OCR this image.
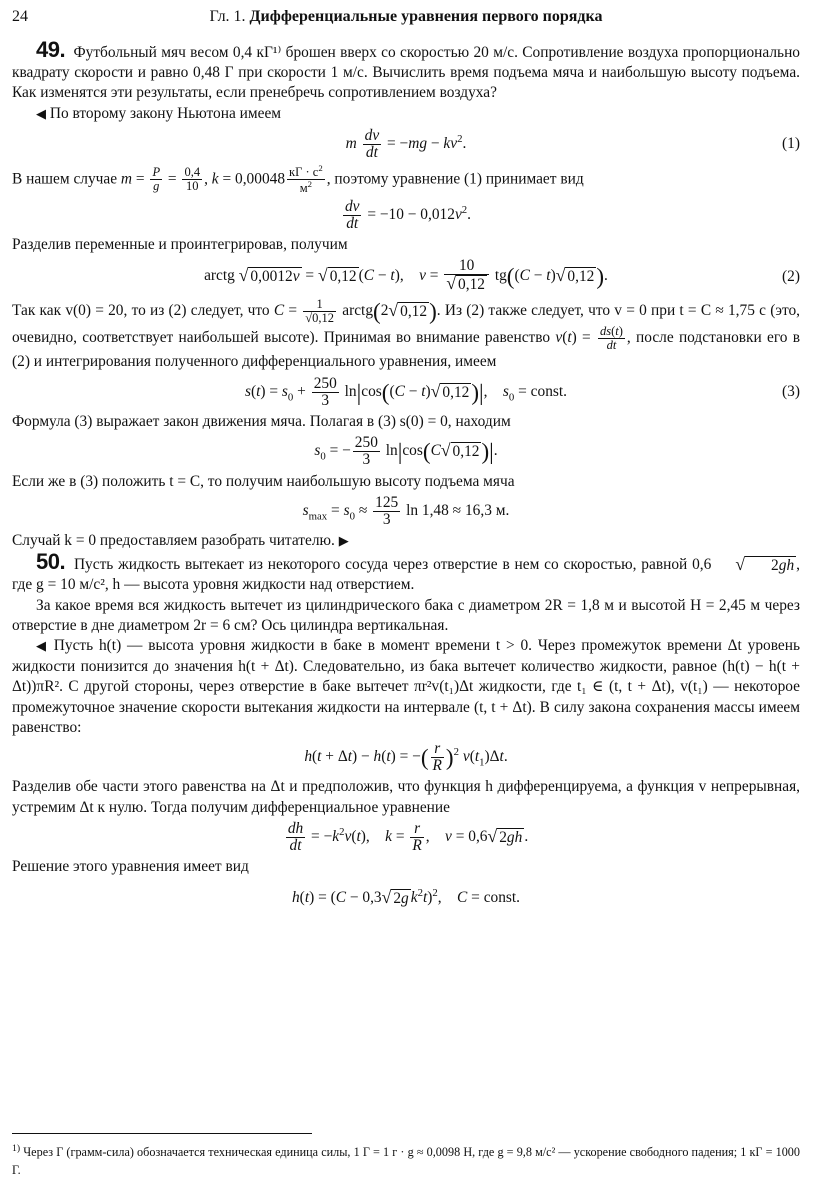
24	Гл. 1. Дифференциальные уравнения первого порядка

49. Футбольный мяч весом 0,4 кГ¹⁾ брошен вверх со скоростью 20 м/с. Сопротивление воздуха пропорционально квадрату скорости и равно 0,48 Г при скорости 1 м/с. Вычислить время подъема мяча и наибольшую высоту подъема. Как изменятся эти результаты, если пренебречь сопротивлением воздуха?

◀ По второму закону Ньютона имеем

m $\frac{dv}{dt} = -mg - kv^2$.	(1)

В нашем случае $m = \frac{P}{g} = \frac{0,4}{10}$ , $k = 0,00048 \frac{кГ \cdot с^2}{м^2}$ , поэтому уравнение (1) принимает вид

$\frac{dv}{dt} = -10 - 0,012v^2$.

Разделив переменные и проинтегрировав, получим

arctg √ 0,0012v = √ 0,12 (C − t),    $v = \frac{10}{√ 0,12} tg((C - t)$ √ 0,12 ).	(2)

Так как v(0) = 20, то из (2) следует, что $C = \frac{1}{√0,12}$ arctg(2 √ 0,12 ). Из (2) также следует, что v = 0 при t = C ≈ 1,75 с (это, очевидно, соответствует наибольшей высоте). Принимая во внимание равенство $v(t) = \frac{ds(t)}{dt}$ , после подстановки его в (2) и интегрирования полученного дифференциального уравнения, имеем

$s(t) = s_0 + \frac{250}{3} \ln|\cos((C - t)$ √ 0,12 )|,    $s_0$ = const.	(3)

Формула (3) выражает закон движения мяча. Полагая в (3) s(0) = 0, находим

$s_0$ = − $\frac{250}{3} \ln|\cos(C$ √ 0,12 )|.

Если же в (3) положить t = C, то получим наибольшую высоту подъема мяча

$s_{max} = s_0 \approx \frac{125}{3}$ ln 1,48 ≈ 16,3 м.

Случай k = 0 предоставляем разобрать читателю. ▶

50. Пусть жидкость вытекает из некоторого сосуда через отверстие в нем со скоростью, равной 0,6	√	2gh , где g = 10 м/с², h — высота уровня жидкости над отверстием.

За какое время вся жидкость вытечет из цилиндрического бака с диаметром 2R = 1,8 м и высотой H = 2,45 м через отверстие в дне диаметром 2r = 6 см? Ось цилиндра вертикальная.

◀ Пусть h(t) — высота уровня жидкости в баке в момент времени t > 0. Через промежуток времени Δt уровень жидкости понизится до значения h(t + Δt). Следовательно, из бака вытечет количество жидкости, равное (h(t) − h(t + Δt))πR². С другой стороны, через отверстие в баке вытечет πr²v(t₁)Δt жидкости, где t₁ ∈ (t, t + Δt), v(t₁) — некоторое промежуточное значение скорости вытекания жидкости на интервале (t, t + Δt). В силу закона сохранения массы имеем равенство:

h(t + Δt) − h(t) = −( $\frac{r}{R} )^2$ $v(t_1)\Delta t$.

Разделив обе части этого равенства на Δt и предположив, что функция h дифференцируема, а функция v непрерывная, устремим Δt к нулю. Тогда получим дифференциальное уравнение

$\frac{dh}{dt} = -k^2v(t)$,    $k = \frac{r}{R}$ ,    v = 0,6 √ 2gh .

Решение этого уравнения имеет вид

h(t) = (C − 0,3 √ 2g $k^2t)^2$,    C = const.
$^{1)}$ Через Г (грамм-сила) обозначается техническая единица силы, 1 Г = 1 г · g ≈ 0,0098 Н, где g = 9,8 м/с² — ускорение свободного падения; 1 кГ = 1000 Г.
